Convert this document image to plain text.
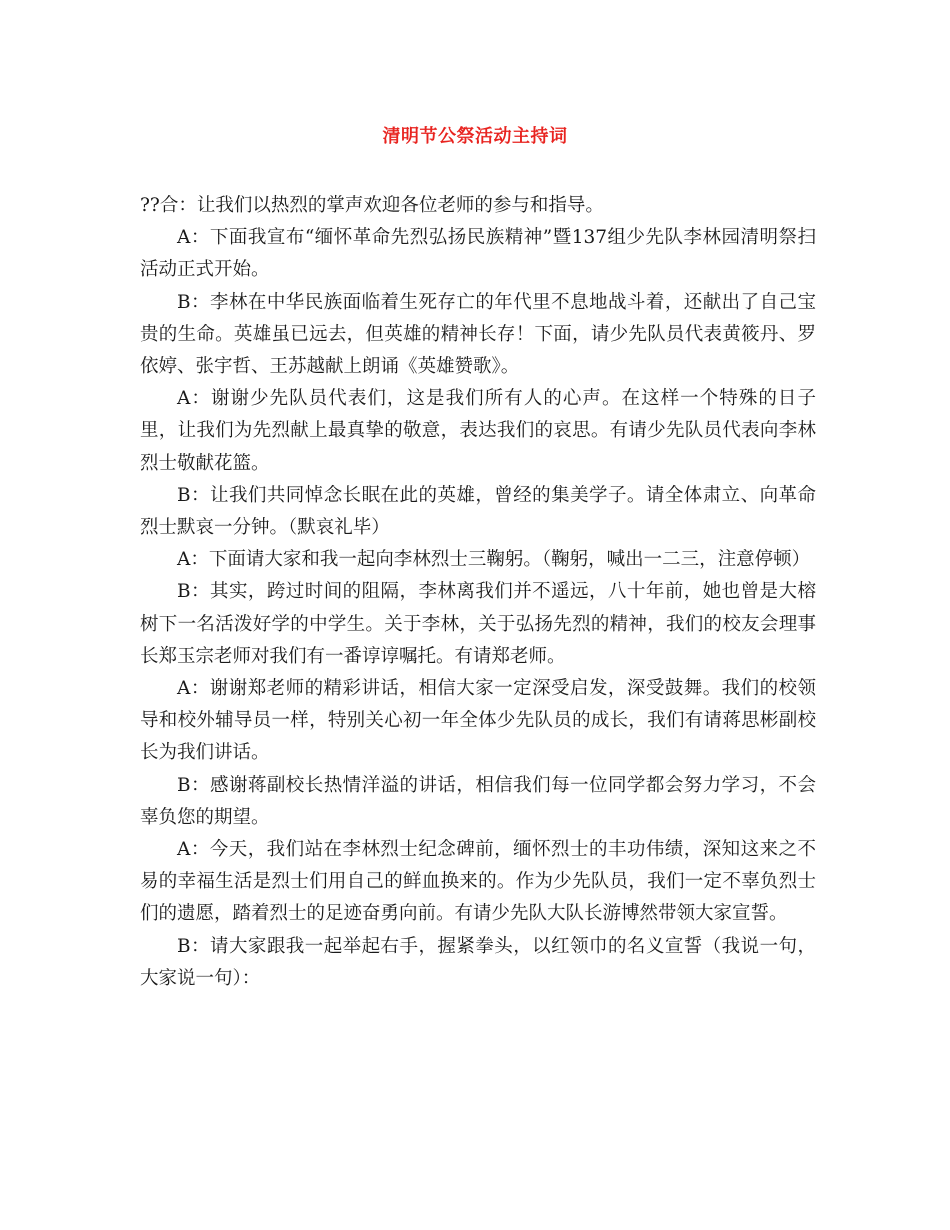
清明节公祭活动主持词

??合：让我们以热烈的掌声欢迎各位老师的参与和指导。

A：下面我宣布“缅怀革命先烈弘扬民族精神”暨137组少先队李林园清明祭扫活动正式开始。

B：李林在中华民族面临着生死存亡的年代里不息地战斗着，还献出了自己宝贵的生命。英雄虽已远去，但英雄的精神长存！下面，请少先队员代表黄筱丹、罗依婷、张宇哲、王苏越献上朗诵《英雄赞歌》。

A：谢谢少先队员代表们，这是我们所有人的心声。在这样一个特殊的日子里，让我们为先烈献上最真挚的敬意，表达我们的哀思。有请少先队员代表向李林烈士敬献花篮。

B：让我们共同悼念长眠在此的英雄，曾经的集美学子。请全体肃立、向革命烈士默哀一分钟。（默哀礼毕）

A：下面请大家和我一起向李林烈士三鞠躬。（鞠躬，喊出一二三，注意停顿）

B：其实，跨过时间的阻隔，李林离我们并不遥远，八十年前，她也曾是大榕树下一名活泼好学的中学生。关于李林，关于弘扬先烈的精神，我们的校友会理事长郑玉宗老师对我们有一番谆谆嘱托。有请郑老师。

A：谢谢郑老师的精彩讲话，相信大家一定深受启发，深受鼓舞。我们的校领导和校外辅导员一样，特别关心初一年全体少先队员的成长，我们有请蒋思彬副校长为我们讲话。

B：感谢蒋副校长热情洋溢的讲话，相信我们每一位同学都会努力学习，不会辜负您的期望。

A：今天，我们站在李林烈士纪念碑前，缅怀烈士的丰功伟绩，深知这来之不易的幸福生活是烈士们用自己的鲜血换来的。作为少先队员，我们一定不辜负烈士们的遗愿，踏着烈士的足迹奋勇向前。有请少先队大队长游博然带领大家宣誓。

B：请大家跟我一起举起右手，握紧拳头，以红领巾的名义宣誓（我说一句，大家说一句）：
